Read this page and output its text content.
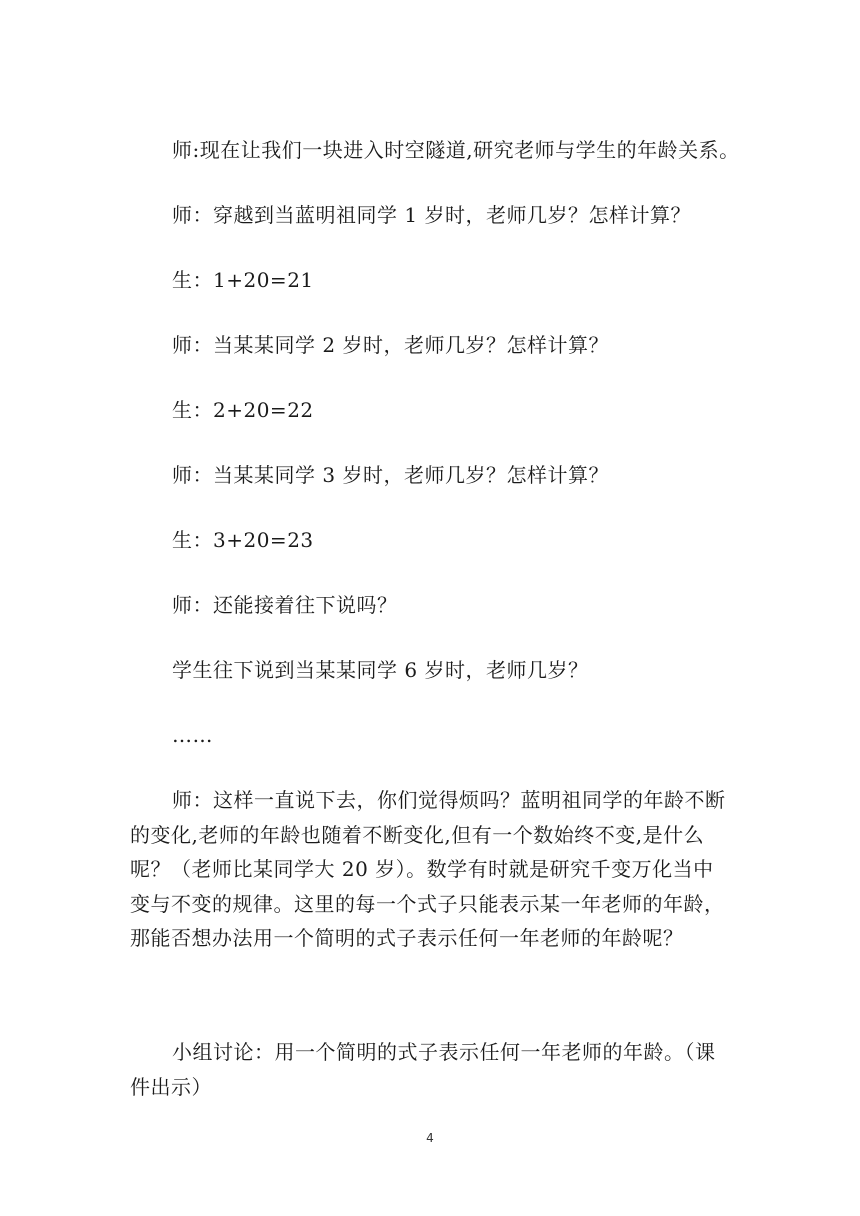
师:现在让我们一块进入时空隧道,研究老师与学生的年龄关系。

师：穿越到当蓝明祖同学 1 岁时，老师几岁？怎样计算？

生：1+20=21

师：当某某同学 2 岁时，老师几岁？怎样计算？

生：2+20=22

师：当某某同学 3 岁时，老师几岁？怎样计算？

生：3+20=23

师：还能接着往下说吗？

学生往下说到当某某同学 6 岁时，老师几岁？

……

师：这样一直说下去，你们觉得烦吗？蓝明祖同学的年龄不断的变化,老师的年龄也随着不断变化,但有一个数始终不变,是什么呢？（老师比某同学大 20 岁）。数学有时就是研究千变万化当中变与不变的规律。这里的每一个式子只能表示某一年老师的年龄，那能否想办法用一个简明的式子表示任何一年老师的年龄呢？

小组讨论：用一个简明的式子表示任何一年老师的年龄。（课件出示）

4
